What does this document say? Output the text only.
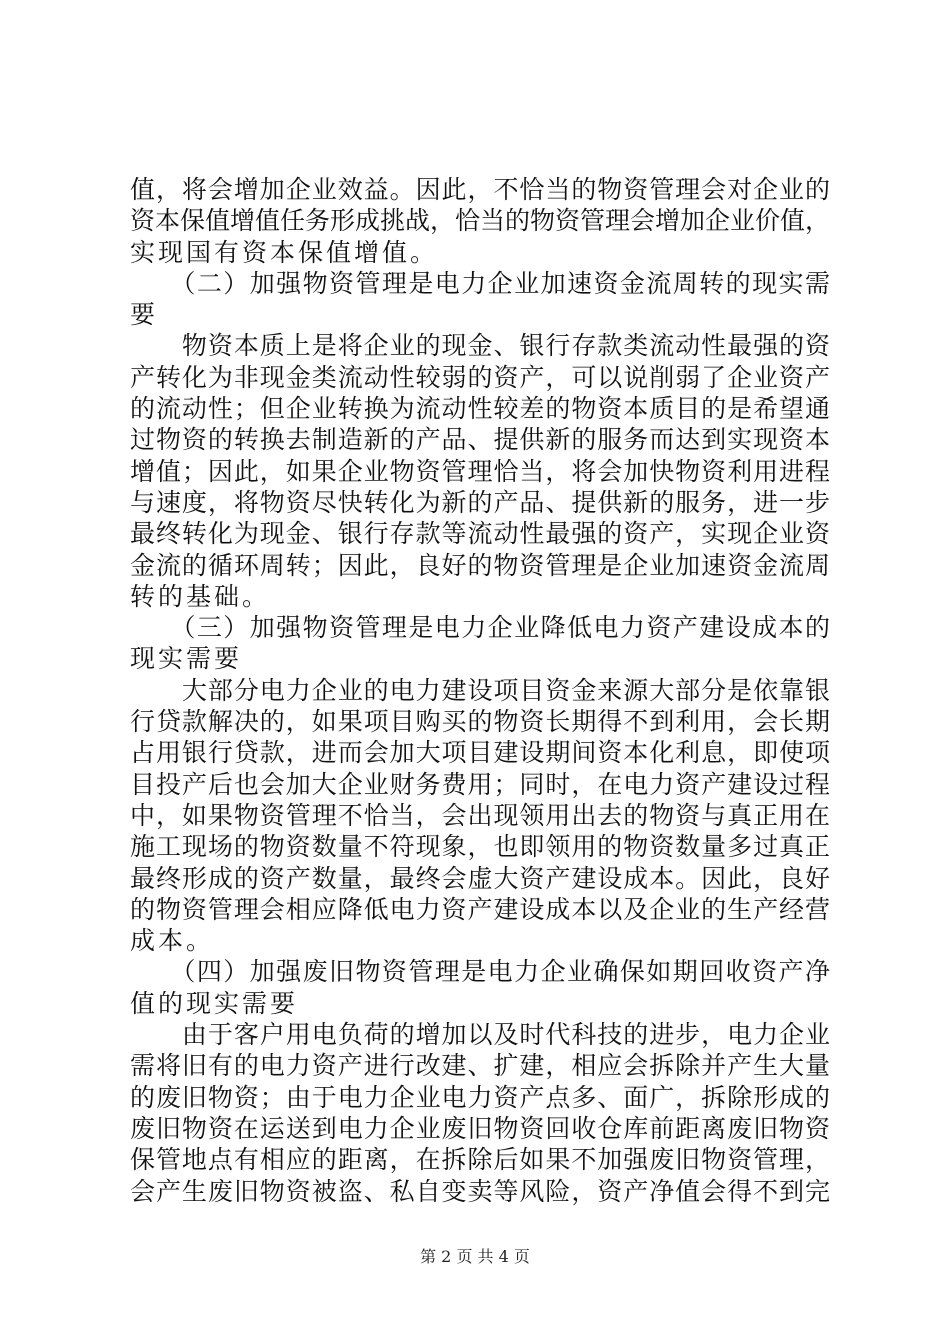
值，将会增加企业效益。因此，不恰当的物资管理会对企业的
资本保值增值任务形成挑战，恰当的物资管理会增加企业价值，
实现国有资本保值增值。
　　（二）加强物资管理是电力企业加速资金流周转的现实需
要
　　物资本质上是将企业的现金、银行存款类流动性最强的资
产转化为非现金类流动性较弱的资产，可以说削弱了企业资产
的流动性；但企业转换为流动性较差的物资本质目的是希望通
过物资的转换去制造新的产品、提供新的服务而达到实现资本
增值；因此，如果企业物资管理恰当，将会加快物资利用进程
与速度，将物资尽快转化为新的产品、提供新的服务，进一步
最终转化为现金、银行存款等流动性最强的资产，实现企业资
金流的循环周转；因此，良好的物资管理是企业加速资金流周
转的基础。
　　（三）加强物资管理是电力企业降低电力资产建设成本的
现实需要
　　大部分电力企业的电力建设项目资金来源大部分是依靠银
行贷款解决的，如果项目购买的物资长期得不到利用，会长期
占用银行贷款，进而会加大项目建设期间资本化利息，即使项
目投产后也会加大企业财务费用；同时，在电力资产建设过程
中，如果物资管理不恰当，会出现领用出去的物资与真正用在
施工现场的物资数量不符现象，也即领用的物资数量多过真正
最终形成的资产数量，最终会虚大资产建设成本。因此，良好
的物资管理会相应降低电力资产建设成本以及企业的生产经营
成本。
　　（四）加强废旧物资管理是电力企业确保如期回收资产净
值的现实需要
　　由于客户用电负荷的增加以及时代科技的进步，电力企业
需将旧有的电力资产进行改建、扩建，相应会拆除并产生大量
的废旧物资；由于电力企业电力资产点多、面广，拆除形成的
废旧物资在运送到电力企业废旧物资回收仓库前距离废旧物资
保管地点有相应的距离，在拆除后如果不加强废旧物资管理，
会产生废旧物资被盗、私自变卖等风险，资产净值会得不到完
第 2 页 共 4 页
